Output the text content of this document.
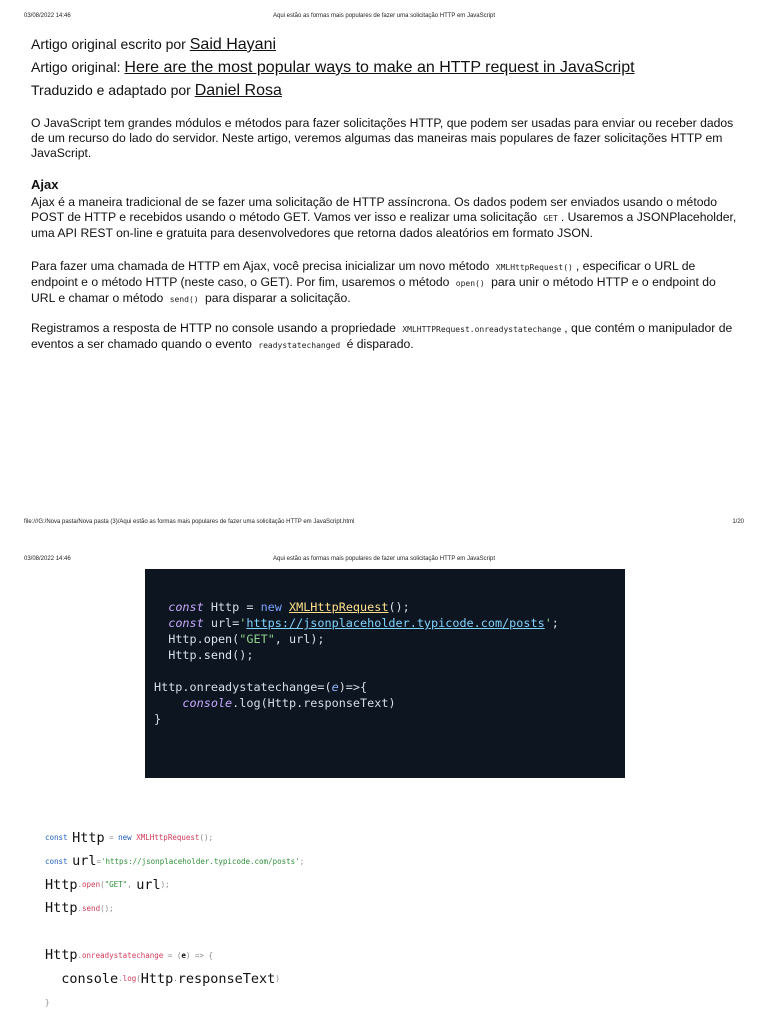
03/08/2022 14:46	Aqui estão as formas mais populares de fazer uma solicitação HTTP em JavaScript
Artigo original escrito por Said Hayani
Artigo original: Here are the most popular ways to make an HTTP request in JavaScript
Traduzido e adaptado por Daniel Rosa

O JavaScript tem grandes módulos e métodos para fazer solicitações HTTP, que podem ser usadas para enviar ou receber dados de um recurso do lado do servidor. Neste artigo, veremos algumas das maneiras mais populares de fazer solicitações HTTP em JavaScript.

Ajax

Ajax é a maneira tradicional de se fazer uma solicitação de HTTP assíncrona. Os dados podem ser enviados usando o método POST de HTTP e recebidos usando o método GET. Vamos ver isso e realizar uma solicitação GET . Usaremos a JSONPlaceholder, uma API REST on-line e gratuita para desenvolvedores que retorna dados aleatórios em formato JSON.

Para fazer uma chamada de HTTP em Ajax, você precisa inicializar um novo método XMLHttpRequest() , especificar o URL de endpoint e o método HTTP (neste caso, o GET). Por fim, usaremos o método open() para unir o método HTTP e o endpoint do URL e chamar o método send() para disparar a solicitação.

Registramos a resposta de HTTP no console usando a propriedade XMLHTTPRequest.onreadystatechange , que contém o manipulador de eventos a ser chamado quando o evento readystatechanged é disparado.

file:///G:/Nova pasta/Nova pasta (3)/Aqui estão as formas mais populares de fazer uma solicitação HTTP em JavaScript.html	1/20
03/08/2022 14:46	Aqui estão as formas mais populares de fazer uma solicitação HTTP em JavaScript
const Http = new XMLHttpRequest();
const url='https://jsonplaceholder.typicode.com/posts';
Http.open("GET", url);
Http.send();

Http.onreadystatechange=(e)=>{
console.log(Http.responseText)
}
const
Http = new
XMLHttpRequest ();
const
url = ' https://jsonplaceholder.typicode.com/posts ' ;
Http . open ( "GET" , url );
Http . send ();
Http . onreadystatechange = ( e ) => {

console . log ( Http . responseText )
}
